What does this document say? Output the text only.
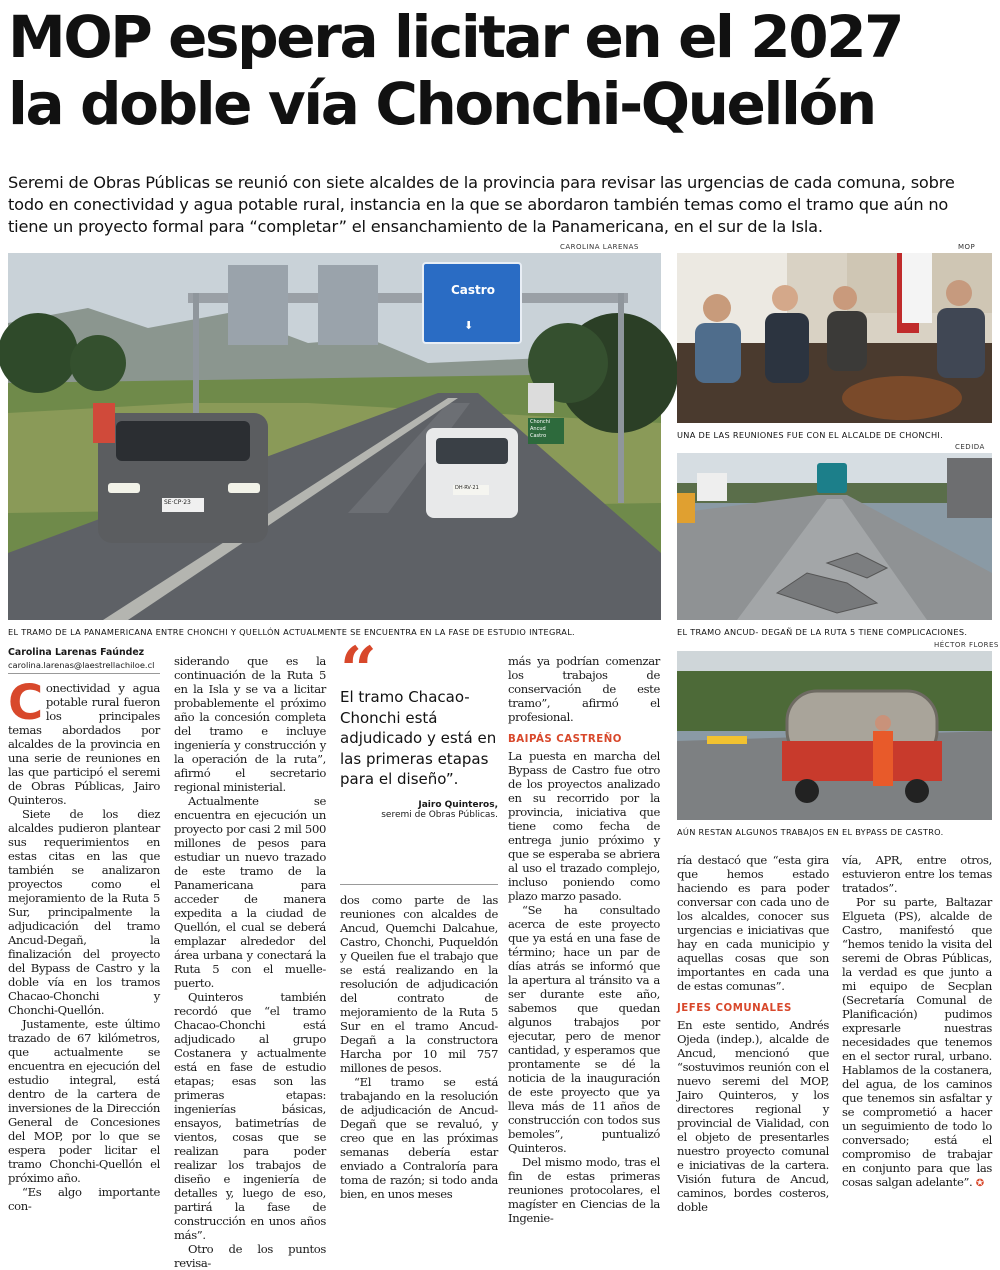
MOP espera licitar en el 2027
la doble vía Chonchi-Quellón

Seremi de Obras Públicas se reunió con siete alcaldes de la provincia para revisar las urgencias de cada comuna, sobre todo en conectividad y agua potable rural, instancia en la que se abordaron también temas como el tramo que aún no tiene un proyecto formal para “completar” el ensanchamiento de la Panamericana, en el sur de la Isla.

CAROLINA LARENAS
Castro
⬇
Chonchi
Ancud
Castro
SE·CP·23
DH·RV·21
EL TRAMO DE LA PANAMERICANA ENTRE CHONCHI Y QUELLÓN ACTUALMENTE SE ENCUENTRA EN LA FASE DE ESTUDIO INTEGRAL.
MOP
UNA DE LAS REUNIONES FUE CON EL ALCALDE DE CHONCHI.
CEDIDA
EL TRAMO ANCUD- DEGAÑ DE LA RUTA 5 TIENE COMPLICACIONES.
HÉCTOR FLORES
AÚN RESTAN ALGUNOS TRABAJOS EN EL BYPASS DE CASTRO.
Carolina Larenas Faúndez
carolina.larenas@laestrellachiloe.cl

Conectividad y agua potable rural fueron los principales temas abordados por alcaldes de la provincia en una serie de reuniones en las que participó el seremi de Obras Públicas, Jairo Quinteros.

Siete de los diez alcaldes pudieron plantear sus requerimientos en estas citas en las que también se analizaron proyectos como el mejoramiento de la Ruta 5 Sur, principalmente la adjudicación del tramo Ancud-Degañ, la finalización del proyecto del Bypass de Castro y la doble vía en los tramos Chacao-Chonchi y Chonchi-Quellón.

Justamente, este último trazado de 67 kilómetros, que actualmente se encuentra en ejecución del estudio integral, está dentro de la cartera de inversiones de la Dirección General de Concesiones del MOP, por lo que se espera poder licitar el tramo Chonchi-Quellón el próximo año.

“Es algo importante con-

siderando que es la continuación de la Ruta 5 en la Isla y se va a licitar probablemente el próximo año la concesión completa del tramo e incluye ingeniería y construcción y la operación de la ruta”, afirmó el secretario regional ministerial.

Actualmente se encuentra en ejecución un proyecto por casi 2 mil 500 millones de pesos para estudiar un nuevo trazado de este tramo de la Panamericana para acceder de manera expedita a la ciudad de Quellón, el cual se deberá emplazar alrededor del área urbana y conectará la Ruta 5 con el muelle-puerto.

Quinteros también recordó que “el tramo Chacao-Chonchi está adjudicado al grupo Costanera y actualmente está en fase de estudio etapas; esas son las primeras etapas: ingenierías básicas, ensayos, batimetrías de vientos, cosas que se realizan para poder realizar los trabajos de diseño e ingeniería de detalles y, luego de eso, partirá la fase de construcción en unos años más”.

Otro de los puntos revisa-

“
El tramo Chacao-Chonchi está adjudicado y está en las primeras etapas para el diseño”.
Jairo Quinteros,
seremi de Obras Públicas.

dos como parte de las reuniones con alcaldes de Ancud, Quemchi Dalcahue, Castro, Chonchi, Puqueldón y Queilen fue el trabajo que se está realizando en la resolución de adjudicación del contrato de mejoramiento de la Ruta 5 Sur en el tramo Ancud-Degañ a la constructora Harcha por 10 mil 757 millones de pesos.

“El tramo se está trabajando en la resolución de adjudicación de Ancud-Degañ que se revaluó, y creo que en las próximas semanas debería estar enviado a Contraloría para toma de razón; si todo anda bien, en unos meses

más ya podrían comenzar los trabajos de conservación de este tramo”, afirmó el profesional.

BAIPÁS CASTREÑO

La puesta en marcha del Bypass de Castro fue otro de los proyectos analizado en su recorrido por la provincia, iniciativa que tiene como fecha de entrega junio próximo y que se esperaba se abriera al uso el trazado complejo, incluso poniendo como plazo marzo pasado.

“Se ha consultado acerca de este proyecto que ya está en una fase de término; hace un par de días atrás se informó que la apertura al tránsito va a ser durante este año, sabemos que quedan algunos trabajos por ejecutar, pero de menor cantidad, y esperamos que prontamente se dé la noticia de la inauguración de este proyecto que ya lleva más de 11 años de construcción con todos sus bemoles”, puntualizó Quinteros.

Del mismo modo, tras el fin de estas primeras reuniones protocolares, el magíster en Ciencias de la Ingenie-

ría destacó que “esta gira que hemos estado haciendo es para poder conversar con cada uno de los alcaldes, conocer sus urgencias e iniciativas que hay en cada municipio y aquellas cosas que son importantes en cada una de estas comunas”.

JEFES COMUNALES

En este sentido, Andrés Ojeda (indep.), alcalde de Ancud, mencionó que “sostuvimos reunión con el nuevo seremi del MOP, Jairo Quinteros, y los directores regional y provincial de Vialidad, con el objeto de presentarles nuestro proyecto comunal e iniciativas de la cartera. Visión futura de Ancud, caminos, bordes costeros, doble

vía, APR, entre otros, estuvieron entre los temas tratados”.

Por su parte, Baltazar Elgueta (PS), alcalde de Castro, manifestó que “hemos tenido la visita del seremi de Obras Públicas, la verdad es que junto a mi equipo de Secplan (Secretaría Comunal de Planificación) pudimos expresarle nuestras necesidades que tenemos en el sector rural, urbano. Hablamos de la costanera, del agua, de los caminos que tenemos sin asfaltar y se comprometió a hacer un seguimiento de todo lo conversado; está el compromiso de trabajar en conjunto para que las cosas salgan adelante”. ✪
